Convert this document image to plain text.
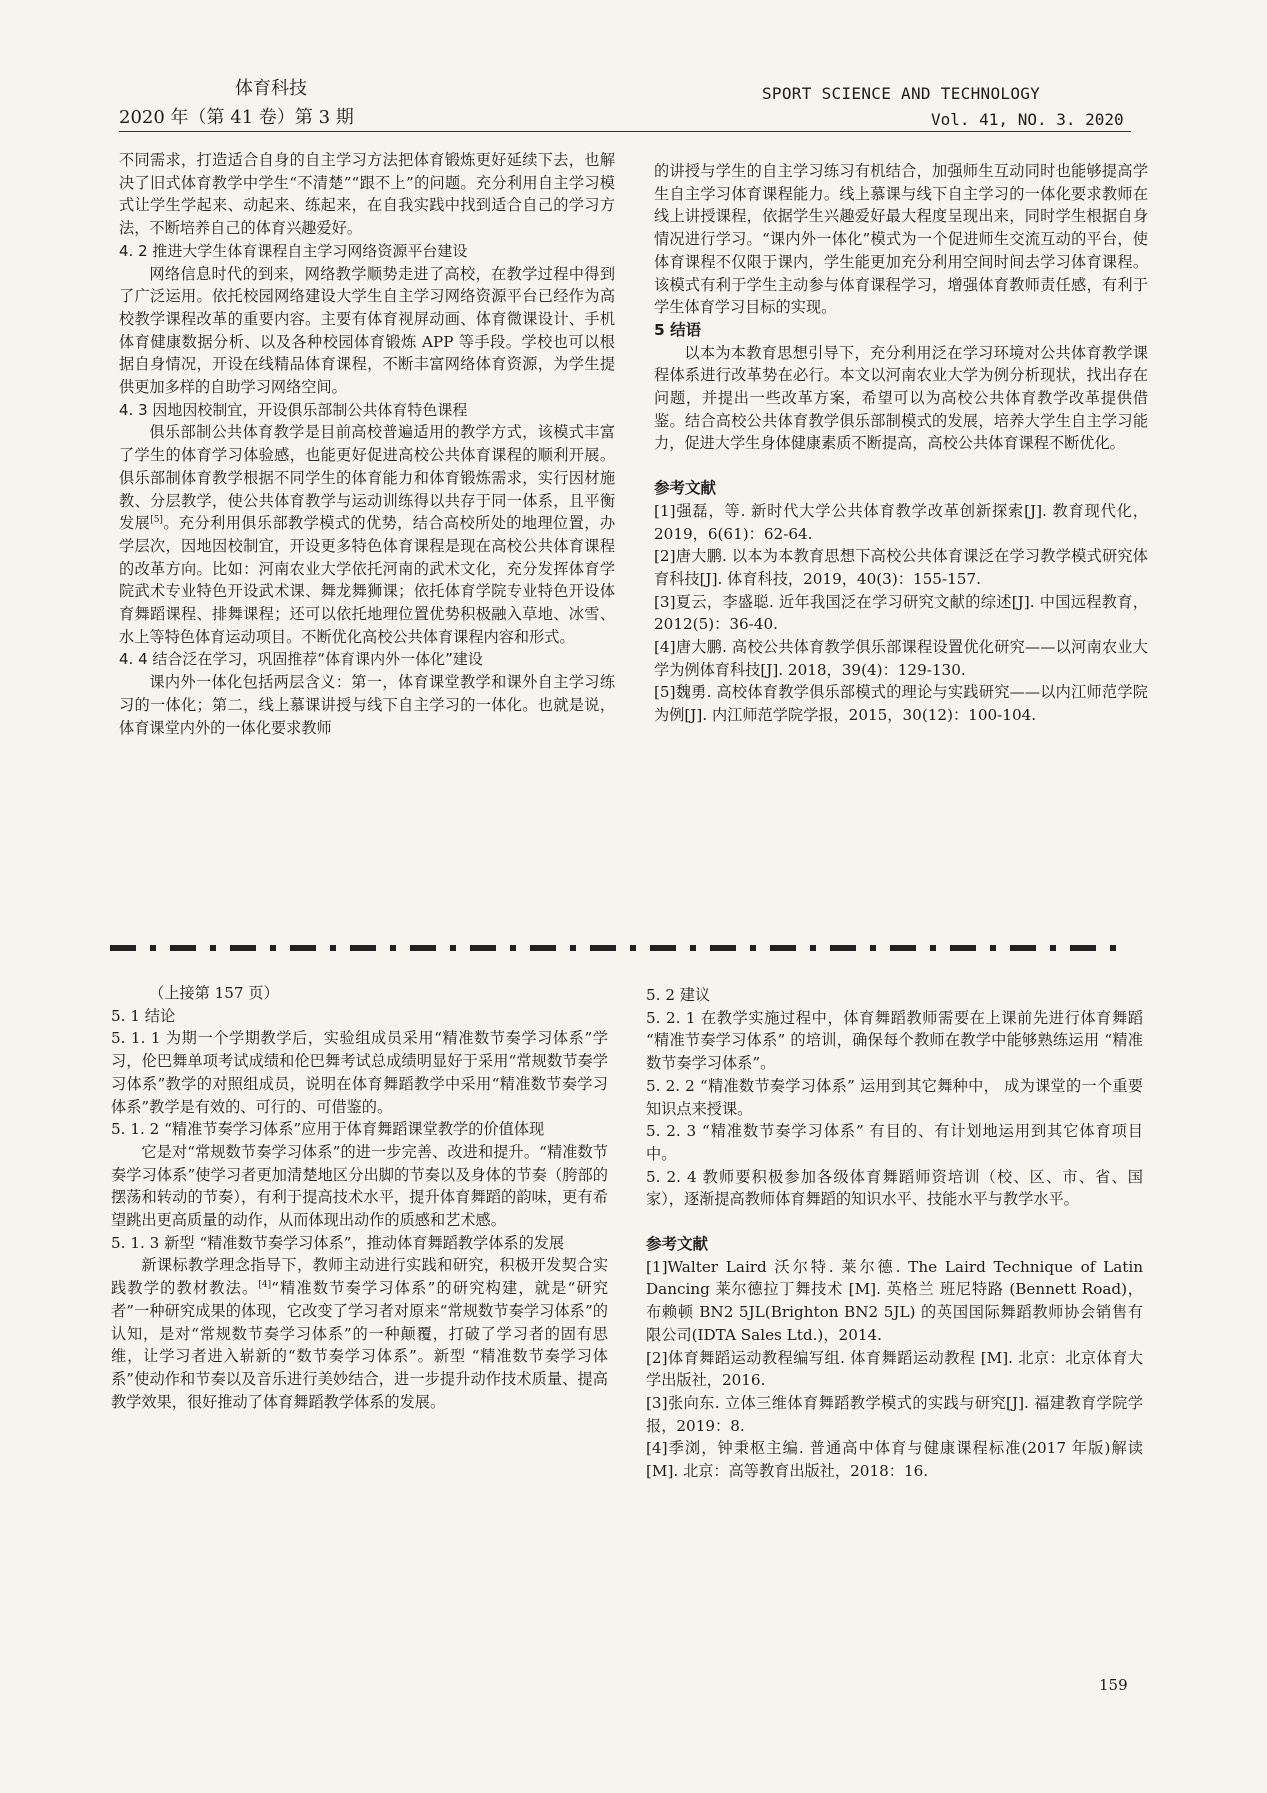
体育科技
2020 年（第 41 卷）第 3 期
SPORT SCIENCE AND TECHNOLOGY
Vol. 41, NO. 3. 2020

不同需求，打造适合自身的自主学习方法把体育锻炼更好延续下去，也解决了旧式体育教学中学生“不清楚”“跟不上”的问题。充分利用自主学习模式让学生学起来、动起来、练起来，在自我实践中找到适合自己的学习方法，不断培养自己的体育兴趣爱好。

4. 2 推进大学生体育课程自主学习网络资源平台建设

网络信息时代的到来，网络教学顺势走进了高校，在教学过程中得到了广泛运用。依托校园网络建设大学生自主学习网络资源平台已经作为高校教学课程改革的重要内容。主要有体育视屏动画、体育微课设计、手机体育健康数据分析、以及各种校园体育锻炼 APP 等手段。学校也可以根据自身情况，开设在线精品体育课程，不断丰富网络体育资源，为学生提供更加多样的自助学习网络空间。

4. 3 因地因校制宜，开设俱乐部制公共体育特色课程

俱乐部制公共体育教学是目前高校普遍适用的教学方式，该模式丰富了学生的体育学习体验感，也能更好促进高校公共体育课程的顺利开展。俱乐部制体育教学根据不同学生的体育能力和体育锻炼需求，实行因材施教、分层教学，使公共体育教学与运动训练得以共存于同一体系，且平衡发展[5]。充分利用俱乐部教学模式的优势，结合高校所处的地理位置，办学层次，因地因校制宜，开设更多特色体育课程是现在高校公共体育课程的改革方向。比如：河南农业大学依托河南的武术文化，充分发挥体育学院武术专业特色开设武术课、舞龙舞狮课；依托体育学院专业特色开设体育舞蹈课程、排舞课程；还可以依托地理位置优势积极融入草地、冰雪、水上等特色体育运动项目。不断优化高校公共体育课程内容和形式。

4. 4 结合泛在学习，巩固推荐“体育课内外一体化”建设

课内外一体化包括两层含义：第一，体育课堂教学和课外自主学习练习的一体化；第二，线上慕课讲授与线下自主学习的一体化。也就是说，体育课堂内外的一体化要求教师

的讲授与学生的自主学习练习有机结合，加强师生互动同时也能够提高学生自主学习体育课程能力。线上慕课与线下自主学习的一体化要求教师在线上讲授课程，依据学生兴趣爱好最大程度呈现出来，同时学生根据自身情况进行学习。“课内外一体化”模式为一个促进师生交流互动的平台，使体育课程不仅限于课内，学生能更加充分利用空间时间去学习体育课程。该模式有利于学生主动参与体育课程学习，增强体育教师责任感，有利于学生体育学习目标的实现。

5 结语

以本为本教育思想引导下，充分利用泛在学习环境对公共体育教学课程体系进行改革势在必行。本文以河南农业大学为例分析现状，找出存在问题，并提出一些改革方案，希望可以为高校公共体育教学改革提供借鉴。结合高校公共体育教学俱乐部制模式的发展，培养大学生自主学习能力，促进大学生身体健康素质不断提高，高校公共体育课程不断优化。

参考文献

[1]强磊，等. 新时代大学公共体育教学改革创新探索[J]. 教育现代化，2019，6(61)：62-64.

[2]唐大鹏. 以本为本教育思想下高校公共体育课泛在学习教学模式研究体育科技[J]. 体育科技，2019，40(3)：155-157.

[3]夏云，李盛聪. 近年我国泛在学习研究文献的综述[J]. 中国远程教育，2012(5)：36-40.

[4]唐大鹏. 高校公共体育教学俱乐部课程设置优化研究——以河南农业大学为例体育科技[J]. 2018，39(4)：129-130.

[5]魏勇. 高校体育教学俱乐部模式的理论与实践研究——以内江师范学院为例[J]. 内江师范学院学报，2015，30(12)：100-104.

（上接第 157 页）

5. 1 结论

5. 1. 1 为期一个学期教学后，实验组成员采用“精准数节奏学习体系”学习，伦巴舞单项考试成绩和伦巴舞考试总成绩明显好于采用“常规数节奏学习体系”教学的对照组成员，说明在体育舞蹈教学中采用“精准数节奏学习体系”教学是有效的、可行的、可借鉴的。

5. 1. 2 “精准节奏学习体系”应用于体育舞蹈课堂教学的价值体现

它是对“常规数节奏学习体系”的进一步完善、改进和提升。“精准数节奏学习体系”使学习者更加清楚地区分出脚的节奏以及身体的节奏（胯部的摆荡和转动的节奏），有利于提高技术水平，提升体育舞蹈的韵味，更有希望跳出更高质量的动作，从而体现出动作的质感和艺术感。

5. 1. 3 新型 “精准数节奏学习体系”，推动体育舞蹈教学体系的发展

新课标教学理念指导下，教师主动进行实践和研究，积极开发契合实践教学的教材教法。[4]“精准数节奏学习体系”的研究构建，就是“研究者”一种研究成果的体现，它改变了学习者对原来“常规数节奏学习体系”的认知，是对“常规数节奏学习体系”的一种颠覆，打破了学习者的固有思维，让学习者进入崭新的“数节奏学习体系”。新型 “精准数节奏学习体系”使动作和节奏以及音乐进行美妙结合，进一步提升动作技术质量、提高教学效果，很好推动了体育舞蹈教学体系的发展。

5. 2 建议

5. 2. 1 在教学实施过程中，体育舞蹈教师需要在上课前先进行体育舞蹈 “精准节奏学习体系” 的培训，确保每个教师在教学中能够熟练运用 “精准数节奏学习体系”。

5. 2. 2 “精准数节奏学习体系” 运用到其它舞种中， 成为课堂的一个重要知识点来授课。

5. 2. 3 “精准数节奏学习体系” 有目的、有计划地运用到其它体育项目中。

5. 2. 4 教师要积极参加各级体育舞蹈师资培训（校、区、市、省、国家），逐渐提高教师体育舞蹈的知识水平、技能水平与教学水平。

参考文献

[1]Walter Laird 沃尔特. 莱尔德. The Laird Technique of Latin Dancing 莱尔德拉丁舞技术 [M]. 英格兰 班尼特路 (Bennett Road)， 布赖顿 BN2 5JL(Brighton BN2 5JL) 的英国国际舞蹈教师协会销售有限公司(IDTA Sales Ltd.)，2014.

[2]体育舞蹈运动教程编写组. 体育舞蹈运动教程 [M]. 北京：北京体育大学出版社，2016.

[3]张向东. 立体三维体育舞蹈教学模式的实践与研究[J]. 福建教育学院学报，2019：8.

[4]季浏，钟秉枢主编. 普通高中体育与健康课程标准(2017 年版)解读 [M]. 北京：高等教育出版社，2018：16.

159
